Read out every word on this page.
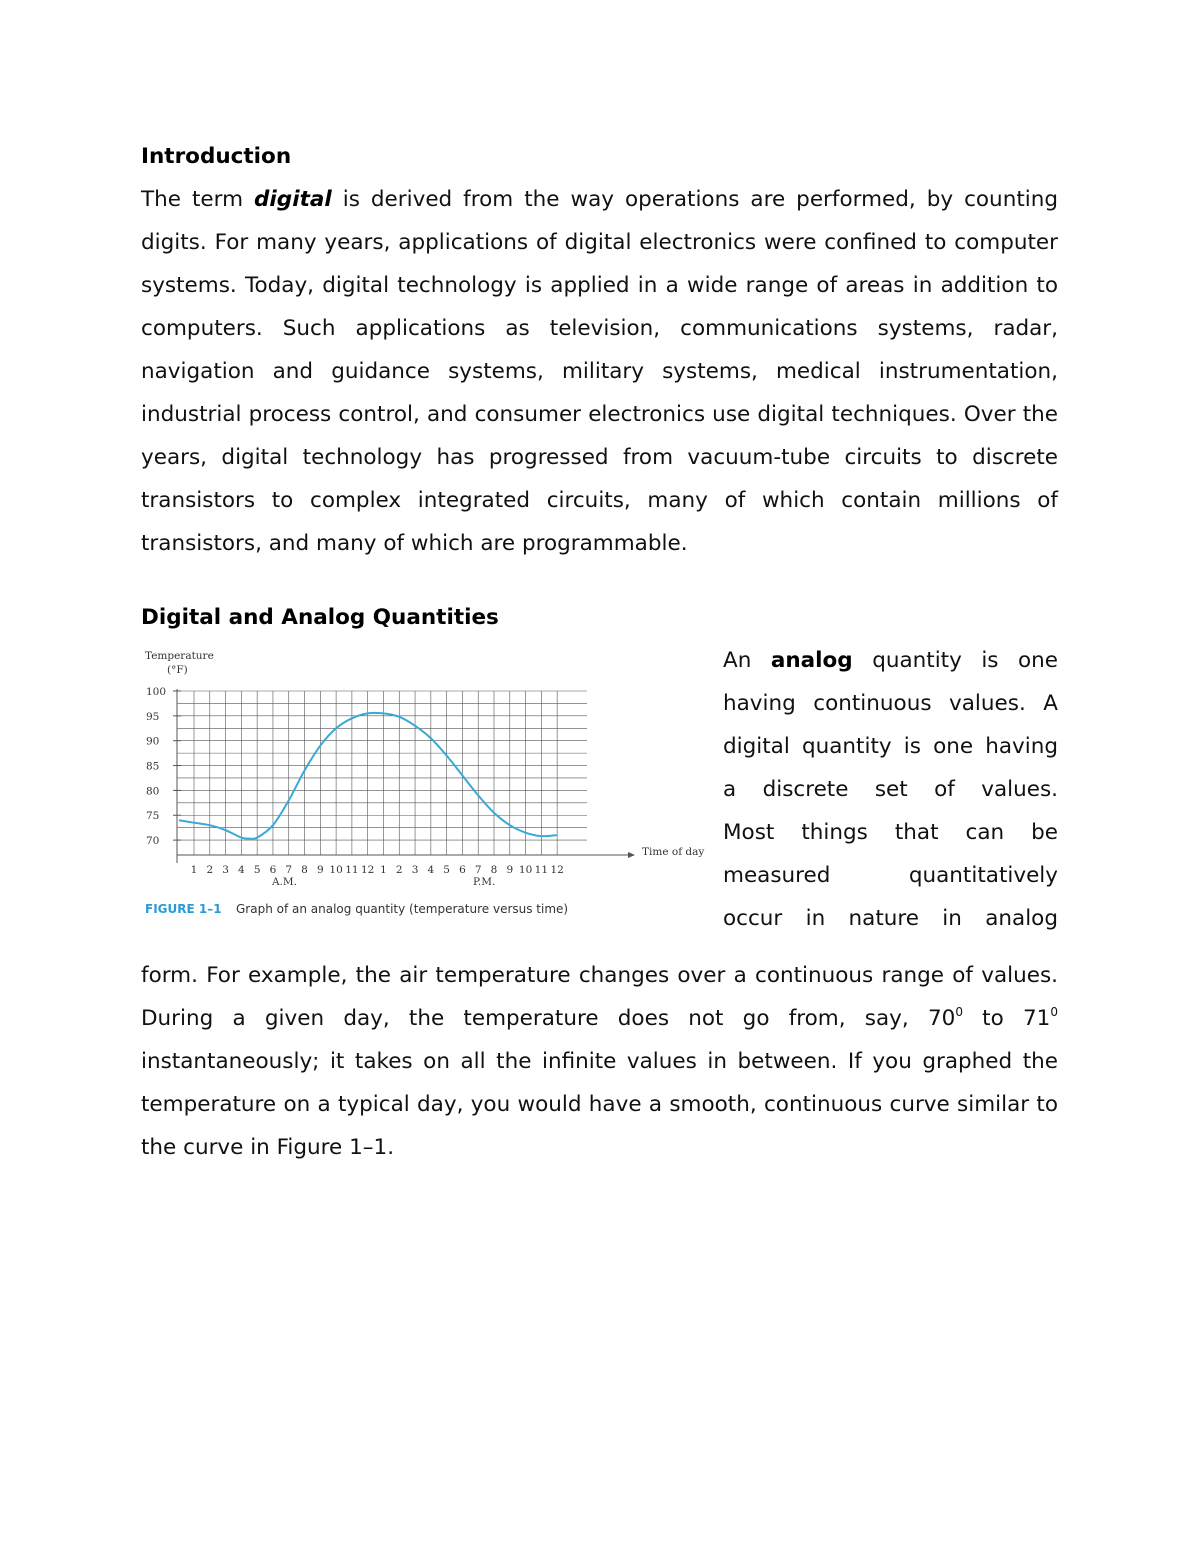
Introduction

The term digital is derived from the way operations are performed, by counting digits. For many years, applications of digital electronics were confined to computer systems. Today, digital technology is applied in a wide range of areas in addition to computers. Such applications as television, communications systems, radar, navigation and guidance systems, military systems, medical instrumentation, industrial process control, and consumer electronics use digital techniques. Over the years, digital technology has progressed from vacuum-tube circuits to discrete transistors to complex integrated circuits, many of which contain millions of transistors, and many of which are programmable.

Digital and Analog Quantities
Temperature
(°F)
70
75
80
85
90
95
100
1 2 3 4 5 6 7 8 9 10 11 12 1 2 3 4 5 6 7 8 9 10 11 12
Time of day
A.M.	P.M.
FIGURE 1–1 Graph of an analog quantity (temperature versus time)
An analog quantity is one
having continuous values. A
digital quantity is one having
a discrete set of values.
Most things that can be
measured quantitatively
occur in nature in analog

form. For example, the air temperature changes over a continuous range of values. During a given day, the temperature does not go from, say, $70^0$ to $71^0$ instantaneously; it takes on all the infinite values in between. If you graphed the temperature on a typical day, you would have a smooth, continuous curve similar to the curve in Figure 1–1.
